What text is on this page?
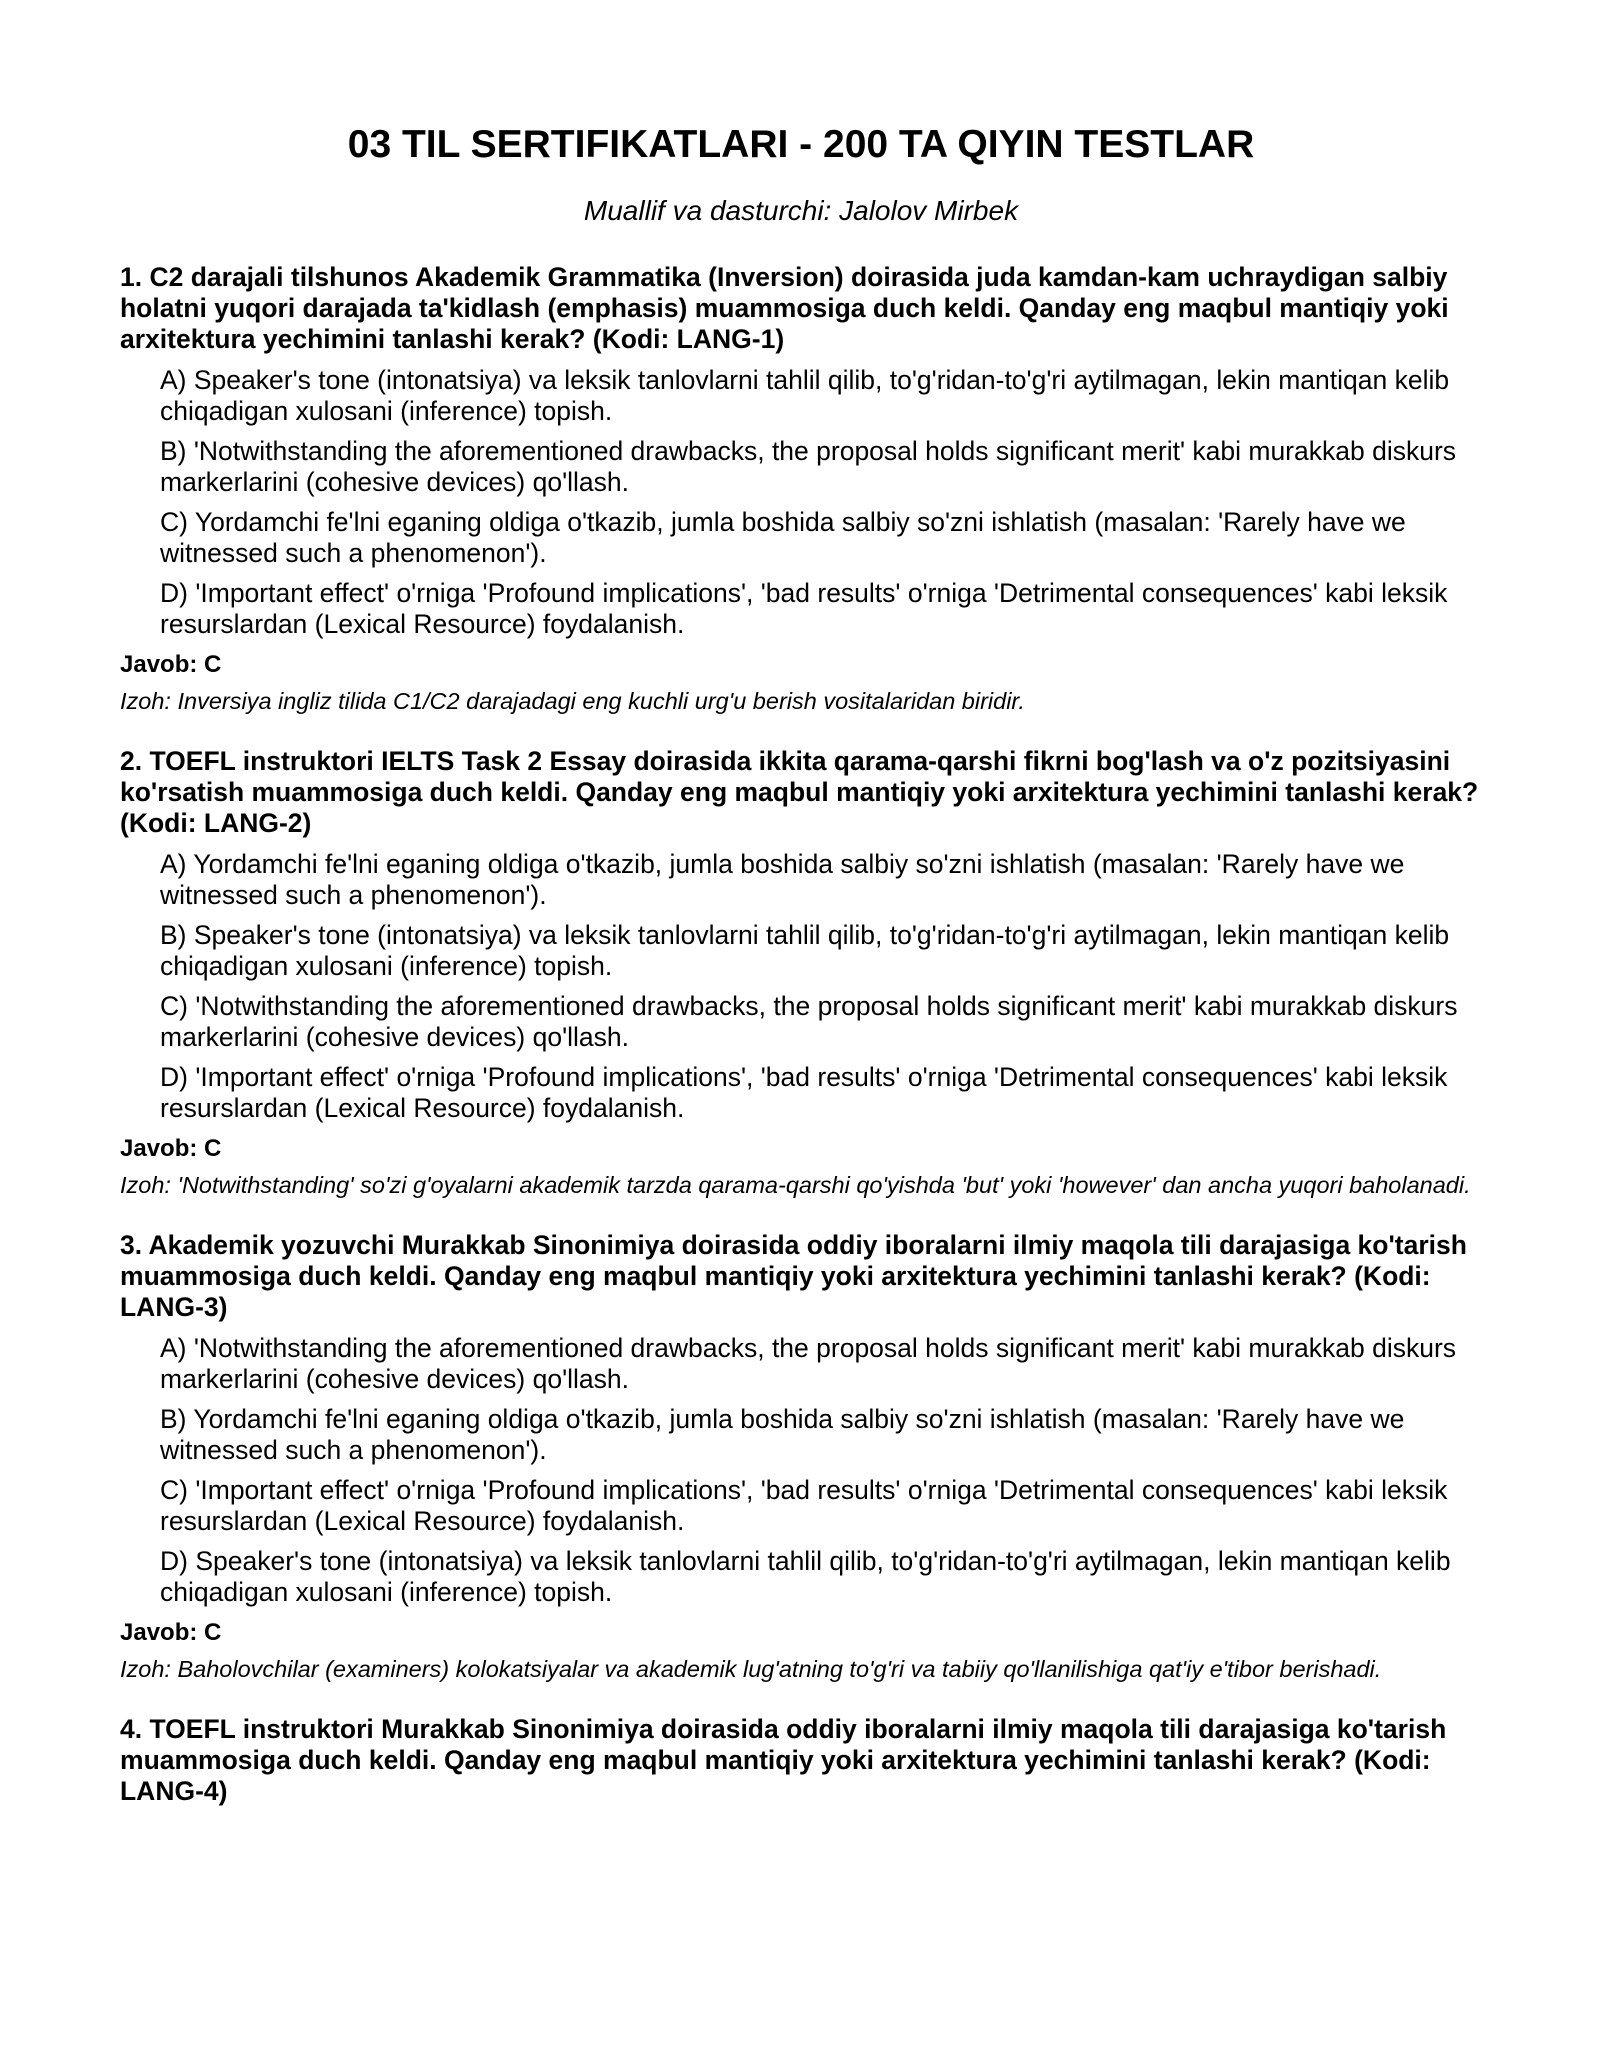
03 TIL SERTIFIKATLARI - 200 TA QIYIN TESTLAR

Muallif va dasturchi: Jalolov Mirbek

1. C2 darajali tilshunos Akademik Grammatika (Inversion) doirasida juda kamdan-kam uchraydigan salbiy holatni yuqori darajada ta'kidlash (emphasis) muammosiga duch keldi. Qanday eng maqbul mantiqiy yoki arxitektura yechimini tanlashi kerak? (Kodi: LANG-1)

A) Speaker's tone (intonatsiya) va leksik tanlovlarni tahlil qilib, to'g'ridan-to'g'ri aytilmagan, lekin mantiqan kelib chiqadigan xulosani (inference) topish.
B) 'Notwithstanding the aforementioned drawbacks, the proposal holds significant merit' kabi murakkab diskurs markerlarini (cohesive devices) qo'llash.
C) Yordamchi fe'lni eganing oldiga o'tkazib, jumla boshida salbiy so'zni ishlatish (masalan: 'Rarely have we witnessed such a phenomenon').
D) 'Important effect' o'rniga 'Profound implications', 'bad results' o'rniga 'Detrimental consequences' kabi leksik resurslardan (Lexical Resource) foydalanish.

Javob: C

Izoh: Inversiya ingliz tilida C1/C2 darajadagi eng kuchli urg'u berish vositalaridan biridir.

2. TOEFL instruktori IELTS Task 2 Essay doirasida ikkita qarama-qarshi fikrni bog'lash va o'z pozitsiyasini ko'rsatish muammosiga duch keldi. Qanday eng maqbul mantiqiy yoki arxitektura yechimini tanlashi kerak? (Kodi: LANG-2)

A) Yordamchi fe'lni eganing oldiga o'tkazib, jumla boshida salbiy so'zni ishlatish (masalan: 'Rarely have we witnessed such a phenomenon').
B) Speaker's tone (intonatsiya) va leksik tanlovlarni tahlil qilib, to'g'ridan-to'g'ri aytilmagan, lekin mantiqan kelib chiqadigan xulosani (inference) topish.
C) 'Notwithstanding the aforementioned drawbacks, the proposal holds significant merit' kabi murakkab diskurs markerlarini (cohesive devices) qo'llash.
D) 'Important effect' o'rniga 'Profound implications', 'bad results' o'rniga 'Detrimental consequences' kabi leksik resurslardan (Lexical Resource) foydalanish.

Javob: C

Izoh: 'Notwithstanding' so'zi g'oyalarni akademik tarzda qarama-qarshi qo'yishda 'but' yoki 'however' dan ancha yuqori baholanadi.

3. Akademik yozuvchi Murakkab Sinonimiya doirasida oddiy iboralarni ilmiy maqola tili darajasiga ko'tarish muammosiga duch keldi. Qanday eng maqbul mantiqiy yoki arxitektura yechimini tanlashi kerak? (Kodi: LANG-3)

A) 'Notwithstanding the aforementioned drawbacks, the proposal holds significant merit' kabi murakkab diskurs markerlarini (cohesive devices) qo'llash.
B) Yordamchi fe'lni eganing oldiga o'tkazib, jumla boshida salbiy so'zni ishlatish (masalan: 'Rarely have we witnessed such a phenomenon').
C) 'Important effect' o'rniga 'Profound implications', 'bad results' o'rniga 'Detrimental consequences' kabi leksik resurslardan (Lexical Resource) foydalanish.
D) Speaker's tone (intonatsiya) va leksik tanlovlarni tahlil qilib, to'g'ridan-to'g'ri aytilmagan, lekin mantiqan kelib chiqadigan xulosani (inference) topish.

Javob: C

Izoh: Baholovchilar (examiners) kolokatsiyalar va akademik lug'atning to'g'ri va tabiiy qo'llanilishiga qat'iy e'tibor berishadi.

4. TOEFL instruktori Murakkab Sinonimiya doirasida oddiy iboralarni ilmiy maqola tili darajasiga ko'tarish muammosiga duch keldi. Qanday eng maqbul mantiqiy yoki arxitektura yechimini tanlashi kerak? (Kodi: LANG-4)
